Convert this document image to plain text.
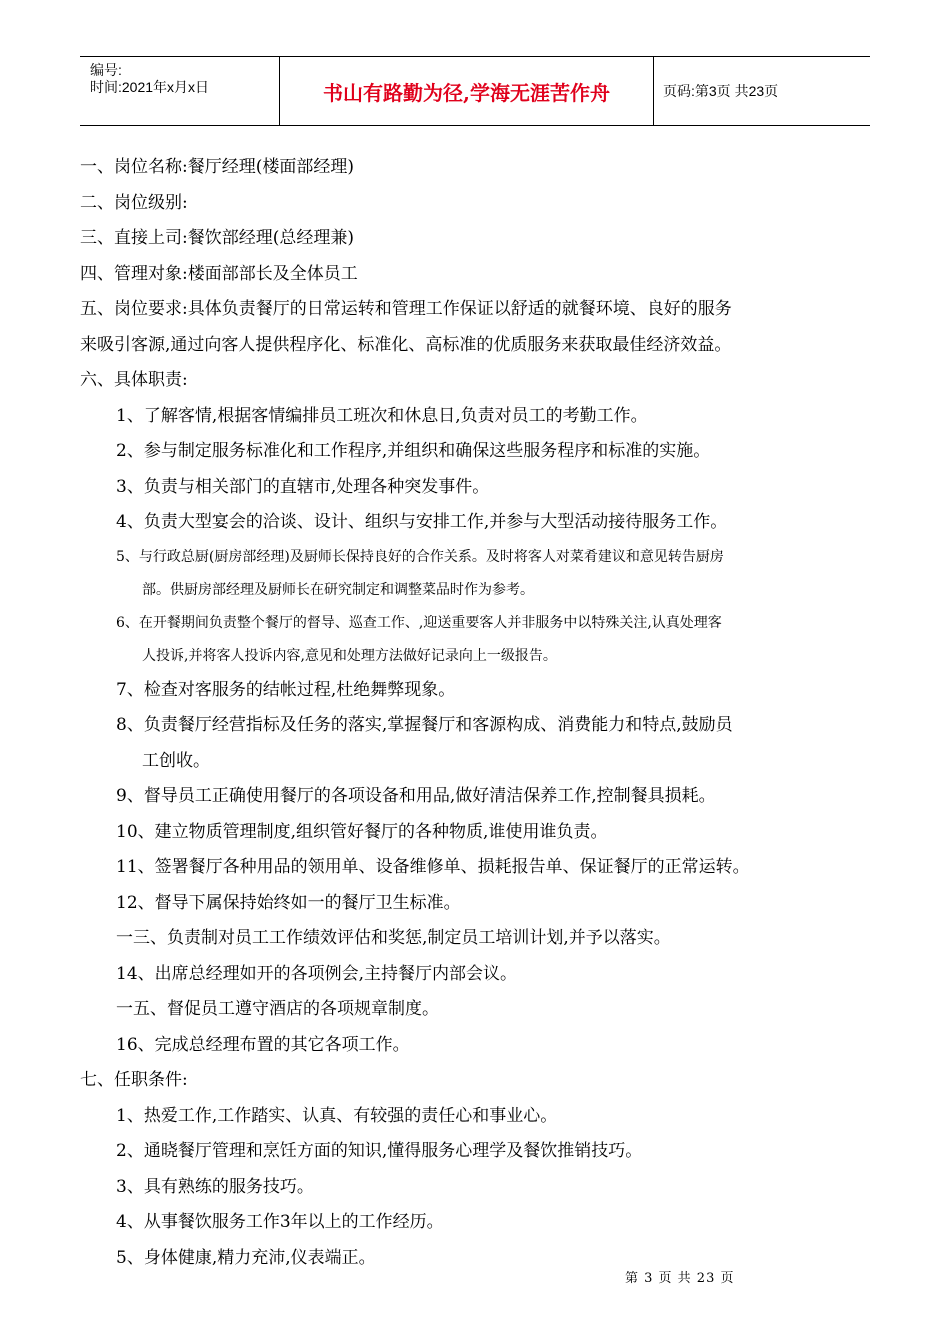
编号:
时间:2021年x月x日	书山有路勤为径,学海无涯苦作舟	页码:第3页 共23页
一、岗位名称:餐厅经理(楼面部经理)
二、岗位级别:
三、直接上司:餐饮部经理(总经理兼)
四、管理对象:楼面部部长及全体员工
五、岗位要求:具体负责餐厅的日常运转和管理工作保证以舒适的就餐环境、良好的服务
来吸引客源,通过向客人提供程序化、标准化、高标准的优质服务来获取最佳经济效益。
六、具体职责:
1、了解客情,根据客情编排员工班次和休息日,负责对员工的考勤工作。
2、参与制定服务标准化和工作程序,并组织和确保这些服务程序和标准的实施。
3、负责与相关部门的直辖市,处理各种突发事件。
4、负责大型宴会的洽谈、设计、组织与安排工作,并参与大型活动接待服务工作。
5、与行政总厨(厨房部经理)及厨师长保持良好的合作关系。及时将客人对菜肴建议和意见转告厨房
部。供厨房部经理及厨师长在研究制定和调整菜品时作为参考。
6、在开餐期间负责整个餐厅的督导、巡查工作、,迎送重要客人并非服务中以特殊关注,认真处理客
人投诉,并将客人投诉内容,意见和处理方法做好记录向上一级报告。
7、检查对客服务的结帐过程,杜绝舞弊现象。
8、负责餐厅经营指标及任务的落实,掌握餐厅和客源构成、消费能力和特点,鼓励员
工创收。
9、督导员工正确使用餐厅的各项设备和用品,做好清洁保养工作,控制餐具损耗。
10、建立物质管理制度,组织管好餐厅的各种物质,谁使用谁负责。
11、签署餐厅各种用品的领用单、设备维修单、损耗报告单、保证餐厅的正常运转。
12、督导下属保持始终如一的餐厅卫生标准。
一三、负责制对员工工作绩效评估和奖惩,制定员工培训计划,并予以落实。
14、出席总经理如开的各项例会,主持餐厅内部会议。
一五、督促员工遵守酒店的各项规章制度。
16、完成总经理布置的其它各项工作。
七、任职条件:
1、热爱工作,工作踏实、认真、有较强的责任心和事业心。
2、通晓餐厅管理和烹饪方面的知识,懂得服务心理学及餐饮推销技巧。
3、具有熟练的服务技巧。
4、从事餐饮服务工作3年以上的工作经历。
5、身体健康,精力充沛,仪表端正。
第 3 页 共 23 页
